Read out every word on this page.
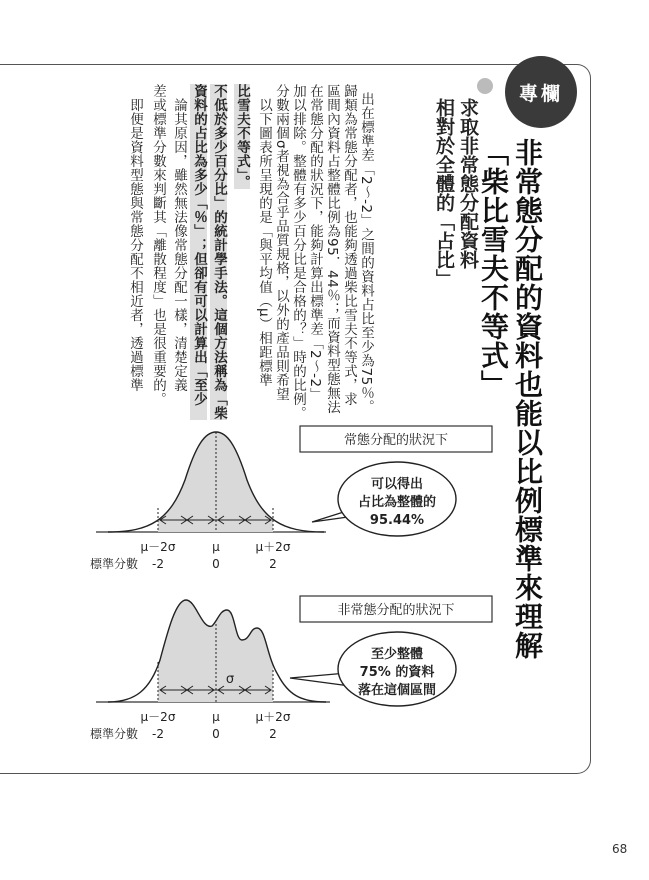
專欄
非常態分配的資料也能以比例標準來理解
「柴比雪夫不等式」
求取非常態分配資料
相對於全體的「占比」
出在標準差「2～-2」之間的資料占比至少為75％。
歸類為常態分配者，也能夠透過柴比雪夫不等式，求
區間內資料占整體比例為95．44％；而資料型態無法
在常態分配的狀況下，能夠計算出標準差「2～-2」
加以排除。整體有多少百分比是合格的？」時的比例。
分數兩個σ者視為合乎品質規格，以外的產品則希望
　以下圖表所呈現的是「與平均值（μ）相距標準
比雪夫不等式」。
不低於多少百分比」的統計學手法。這個方法稱為「柴
資料的占比為多少「％」；但卻有可以計算出「至少
　論其原因，雖然無法像常態分配一樣，清楚定義
差或標準分數來判斷其「離散程度」也是很重要的。
　即便是資料型態與常態分配不相近者，透過標準
常態分配的狀況下
可以得出
占比為整體的
95.44%
μ－2σ	μ	μ＋2σ
標準分數 -2	0	2
非常態分配的狀況下
σ
至少整體
75% 的資料
落在這個區間
μ－2σ	μ	μ＋2σ
標準分數 -2	0	2
68
